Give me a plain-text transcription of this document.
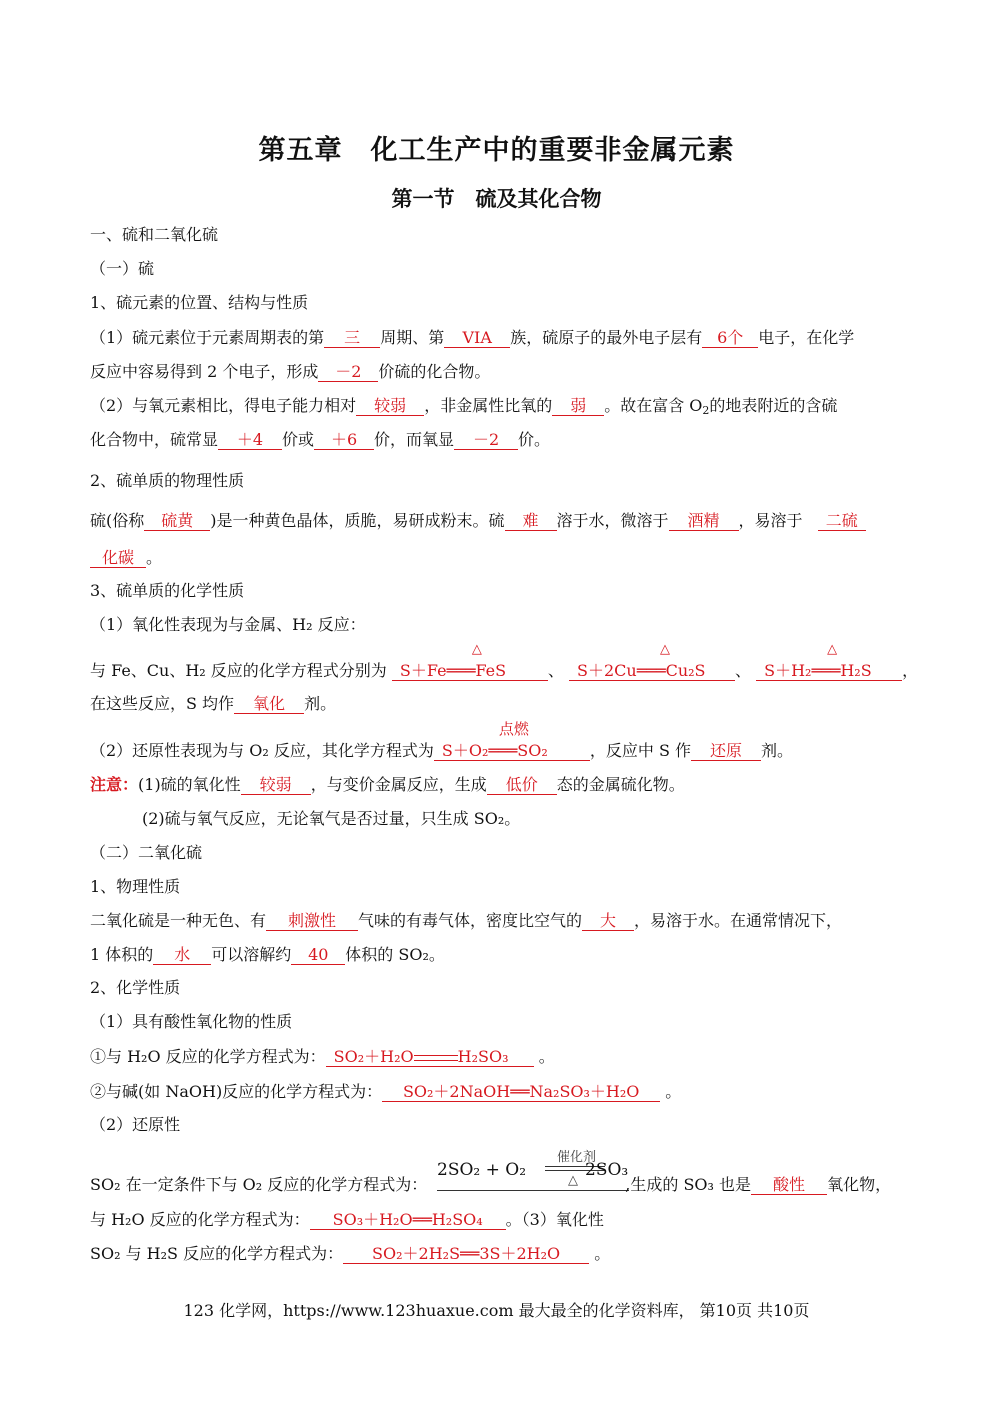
第五章　化工生产中的重要非金属元素
第一节　硫及其化合物
一、硫和二氧化硫
（一）硫
1、硫元素的位置、结构与性质
（1）硫元素位于元素周期表的第 三 周期、第 VIA 族，硫原子的最外电子层有 6个 电子，在化学
反应中容易得到 2 个电子，形成 －2 价硫的化合物。
（2）与氧元素相比，得电子能力相对 较弱 ，非金属性比氧的 弱 。故在富含 $O_2$的地表附近的含硫
化合物中，硫常显 ＋4 价或 ＋6 价，而氧显 －2 价。
2、硫单质的物理性质
硫(俗称 硫黄 )是一种黄色晶体，质脆，易研成粉末。硫 难 溶于水，微溶于 酒精 ，易溶于 二硫
化碳 。
3、硫单质的化学性质
（1）氧化性表现为与金属、H₂ 反应：
与 Fe、Cu、H₂ 反应的化学方程式分别为
△
S＋Fe═══FeS	、
△
S＋2Cu═══Cu₂S 、
△
S＋H₂═══H₂S ，
在这些反应，S 均作 氧化 剂。
（2）还原性表现为与 O₂ 反应，其化学方程式为
点燃
S＋O₂═══SO₂	，反应中 S 作 还原 剂。
注意：(1)硫的氧化性 较弱 ，与变价金属反应，生成 低价 态的金属硫化物。
(2)硫与氧气反应，无论氧气是否过量，只生成 SO₂。
（二）二氧化硫
1、物理性质
二氧化硫是一种无色、有 刺激性 气味的有毒气体，密度比空气的 大 ，易溶于水。在通常情况下，
1 体积的 水 可以溶解约 40 体积的 SO₂。
2、化学性质
（1）具有酸性氧化物的性质
①与 H₂O 反应的化学方程式为： SO₂＋H₂O	H₂SO₃ 。
②与碱(如 NaOH)反应的化学方程式为： SO₂＋2NaOH══Na₂SO₃＋H₂O 。
（2）还原性
2SO₂ + O₂
催化剂
△
2SO₃
SO₂ 在一定条件下与 O₂ 反应的化学方程式为：	,生成的 SO₃ 也是 酸性 氧化物，
与 H₂O 反应的化学方程式为： SO₃＋H₂O══H₂SO₄ 。（3）氧化性
SO₂ 与 H₂S 反应的化学方程式为： SO₂＋2H₂S══3S＋2H₂O 。
123 化学网，https://www.123huaxue.com 最大最全的化学资料库， 第10页 共10页
